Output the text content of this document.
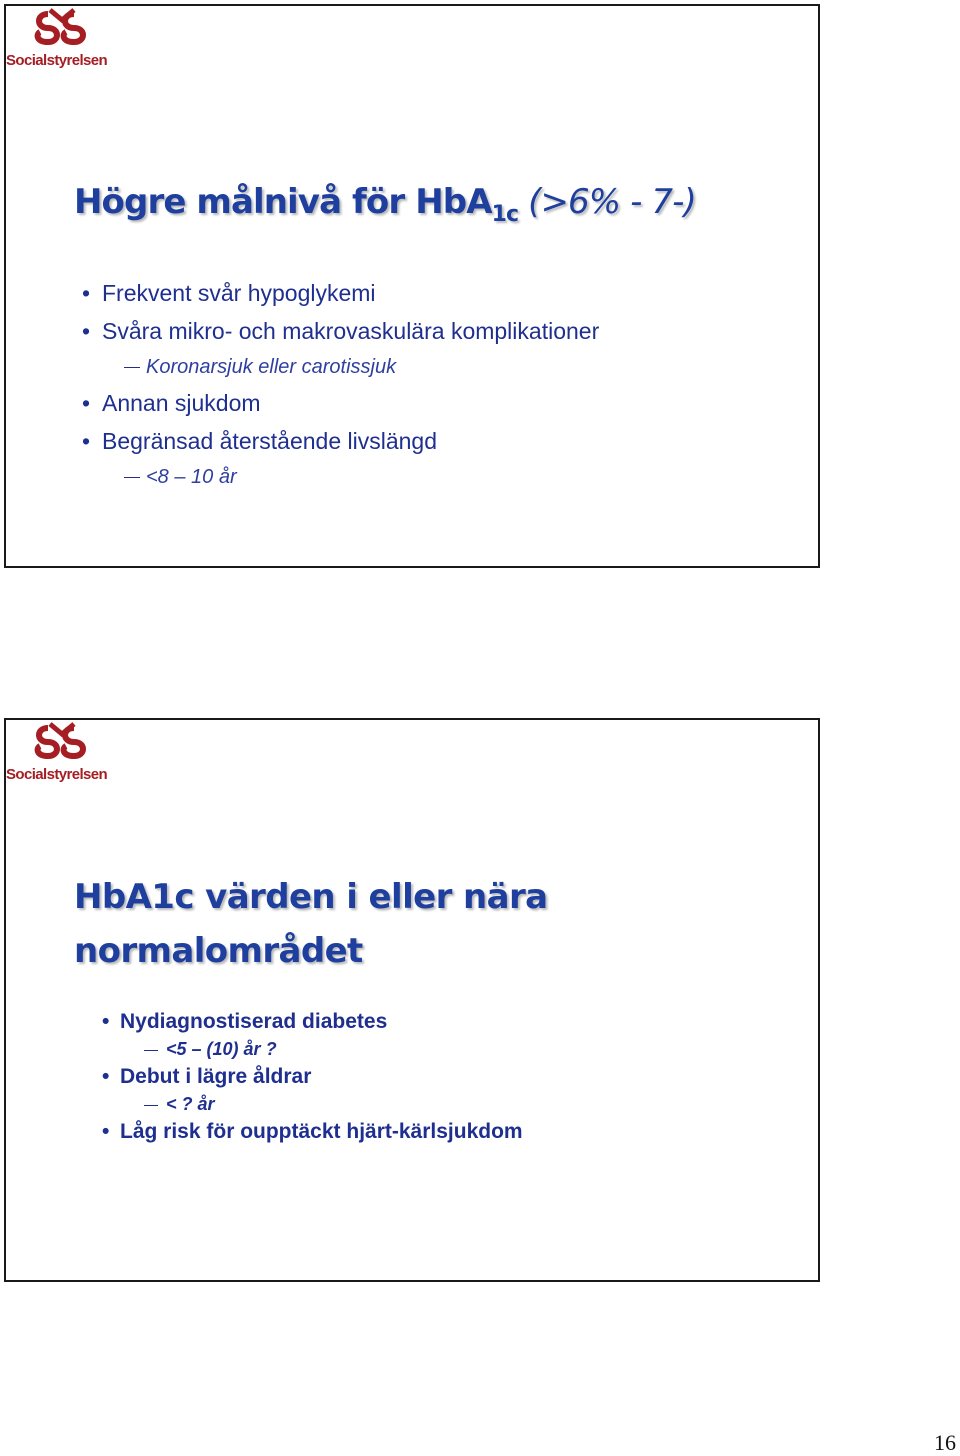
Socialstyrelsen
Högre målnivå för HbA$_{1c}$ (>6% - 7-)
• Frekvent svår hypoglykemi
• Svåra mikro- och makrovaskulära komplikationer
Koronarsjuk eller carotissjuk
• Annan sjukdom
• Begränsad återstående livslängd
<8 – 10 år
Socialstyrelsen
HbA1c värden i eller nära
normalområdet
• Nydiagnostiserad diabetes
<5 – (10) år ?
• Debut i lägre åldrar
< ? år
• Låg risk för oupptäckt hjärt-kärlsjukdom
16
